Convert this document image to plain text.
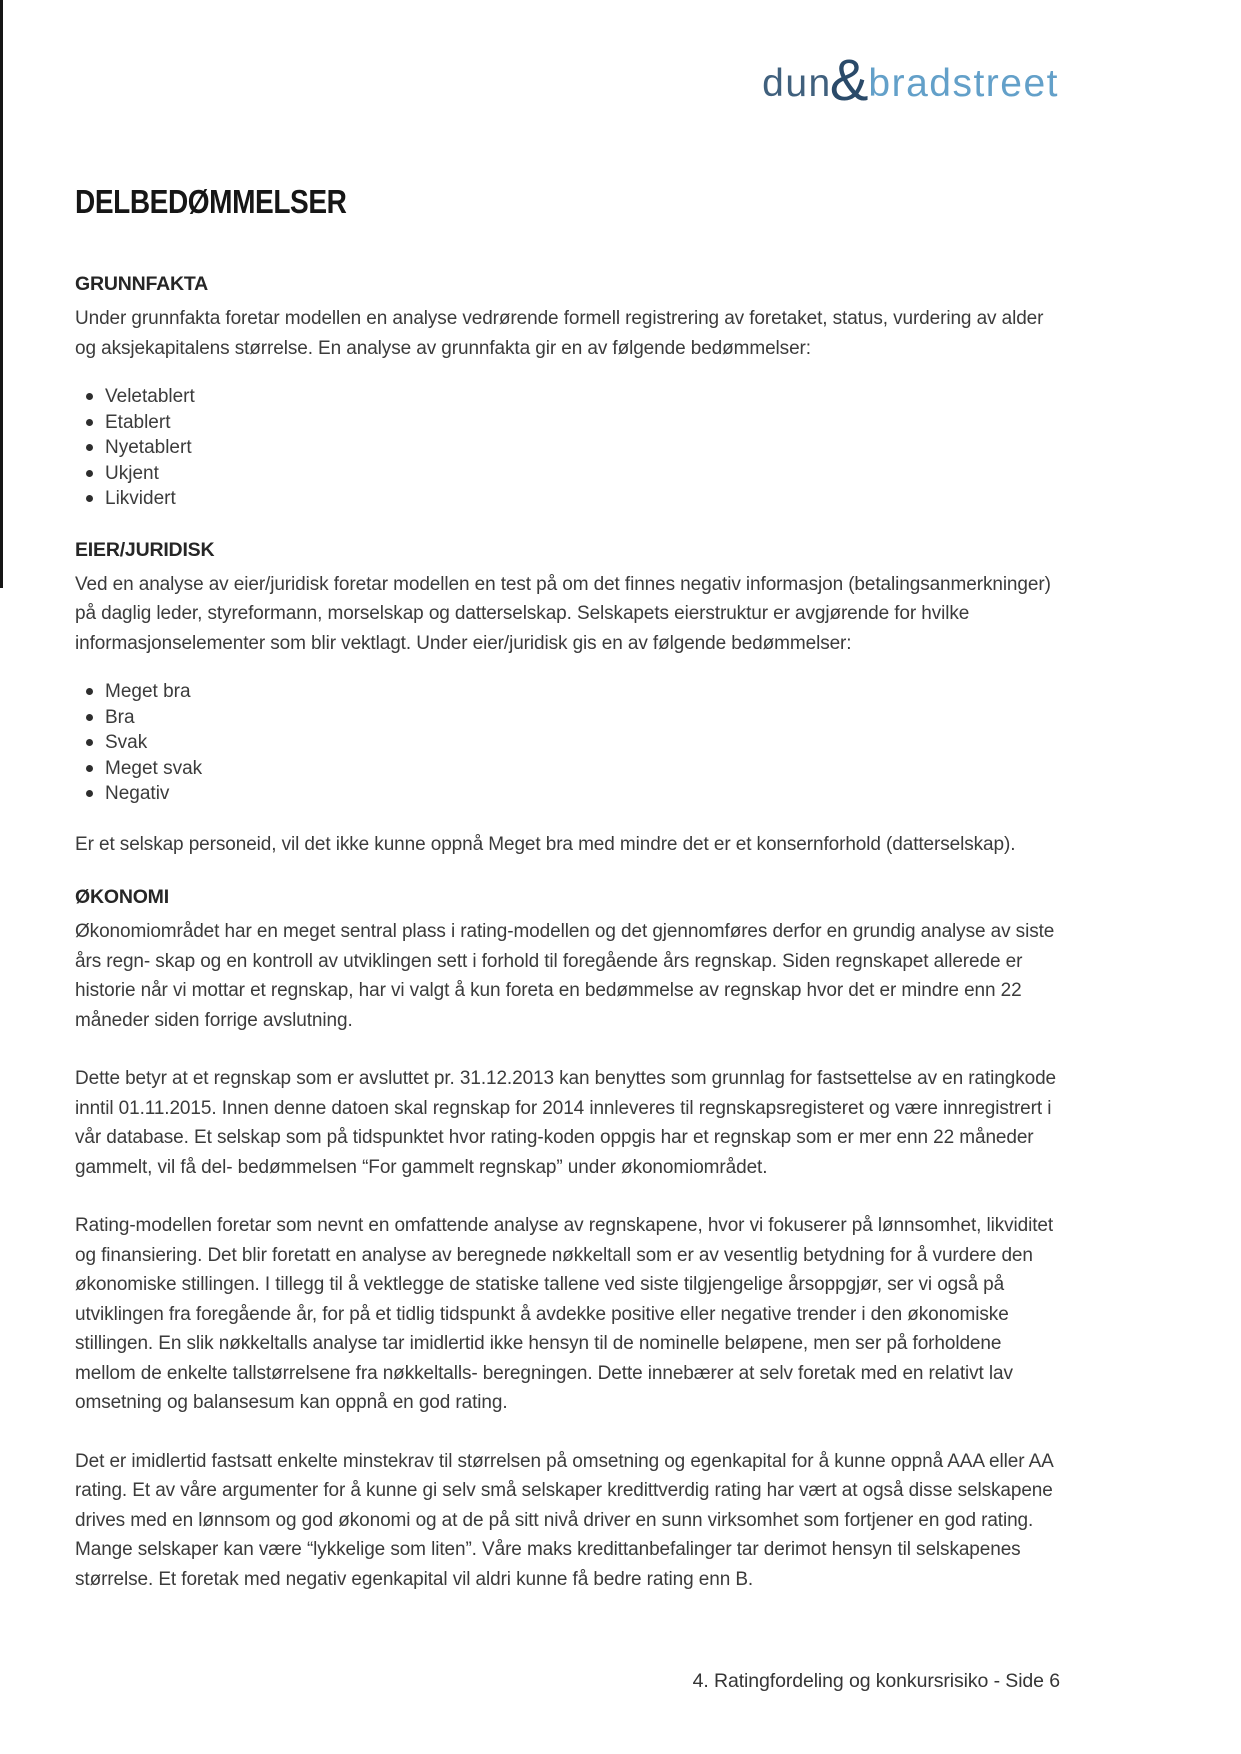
dun
& bradstreet
DELBEDØMMELSER
GRUNNFAKTA

Under grunnfakta foretar modellen en analyse vedrørende formell registrering av foretaket, status, vurdering av alder og aksjekapitalens størrelse. En analyse av grunnfakta gir en av følgende bedømmelser:

Veletablert
Etablert
Nyetablert
Ukjent
Likvidert
EIER/JURIDISK

Ved en analyse av eier/juridisk foretar modellen en test på om det finnes negativ informasjon (betalingsanmerkninger) på daglig leder, styreformann, morselskap og datterselskap. Selskapets eierstruktur er avgjørende for hvilke informasjonselementer som blir vektlagt. Under eier/juridisk gis en av følgende bedømmelser:

Meget bra
Bra
Svak
Meget svak
Negativ

Er et selskap personeid, vil det ikke kunne oppnå Meget bra med mindre det er et konsernforhold (datterselskap).

ØKONOMI

Økonomiområdet har en meget sentral plass i rating-modellen og det gjennomføres derfor en grundig analyse av siste års regn- skap og en kontroll av utviklingen sett i forhold til foregående års regnskap. Siden regnskapet allerede er historie når vi mottar et regnskap, har vi valgt å kun foreta en bedømmelse av regnskap hvor det er mindre enn 22 måneder siden forrige avslutning.

Dette betyr at et regnskap som er avsluttet pr. 31.12.2013 kan benyttes som grunnlag for fastsettelse av en ratingkode inntil 01.11.2015. Innen denne datoen skal regnskap for 2014 innleveres til regnskapsregisteret og være innregistrert i vår database. Et selskap som på tidspunktet hvor rating-koden oppgis har et regnskap som er mer enn 22 måneder gammelt, vil få del- bedømmelsen “For gammelt regnskap” under økonomiområdet.

Rating-modellen foretar som nevnt en omfattende analyse av regnskapene, hvor vi fokuserer på lønnsomhet, likviditet og finansiering. Det blir foretatt en analyse av beregnede nøkkeltall som er av vesentlig betydning for å vurdere den økonomiske stillingen. I tillegg til å vektlegge de statiske tallene ved siste tilgjengelige årsoppgjør, ser vi også på utviklingen fra foregående år, for på et tidlig tidspunkt å avdekke positive eller negative trender i den økonomiske stillingen. En slik nøkkeltalls analyse tar imidlertid ikke hensyn til de nominelle beløpene, men ser på forholdene mellom de enkelte tallstørrelsene fra nøkkeltalls- beregningen. Dette innebærer at selv foretak med en relativt lav omsetning og balansesum kan oppnå en god rating.

Det er imidlertid fastsatt enkelte minstekrav til størrelsen på omsetning og egenkapital for å kunne oppnå AAA eller AA rating. Et av våre argumenter for å kunne gi selv små selskaper kredittverdig rating har vært at også disse selskapene drives med en lønnsom og god økonomi og at de på sitt nivå driver en sunn virksomhet som fortjener en god rating. Mange selskaper kan være “lykkelige som liten”. Våre maks kredittanbefalinger tar derimot hensyn til selskapenes størrelse. Et foretak med negativ egenkapital vil aldri kunne få bedre rating enn B.

4. Ratingfordeling og konkursrisiko - Side 6
